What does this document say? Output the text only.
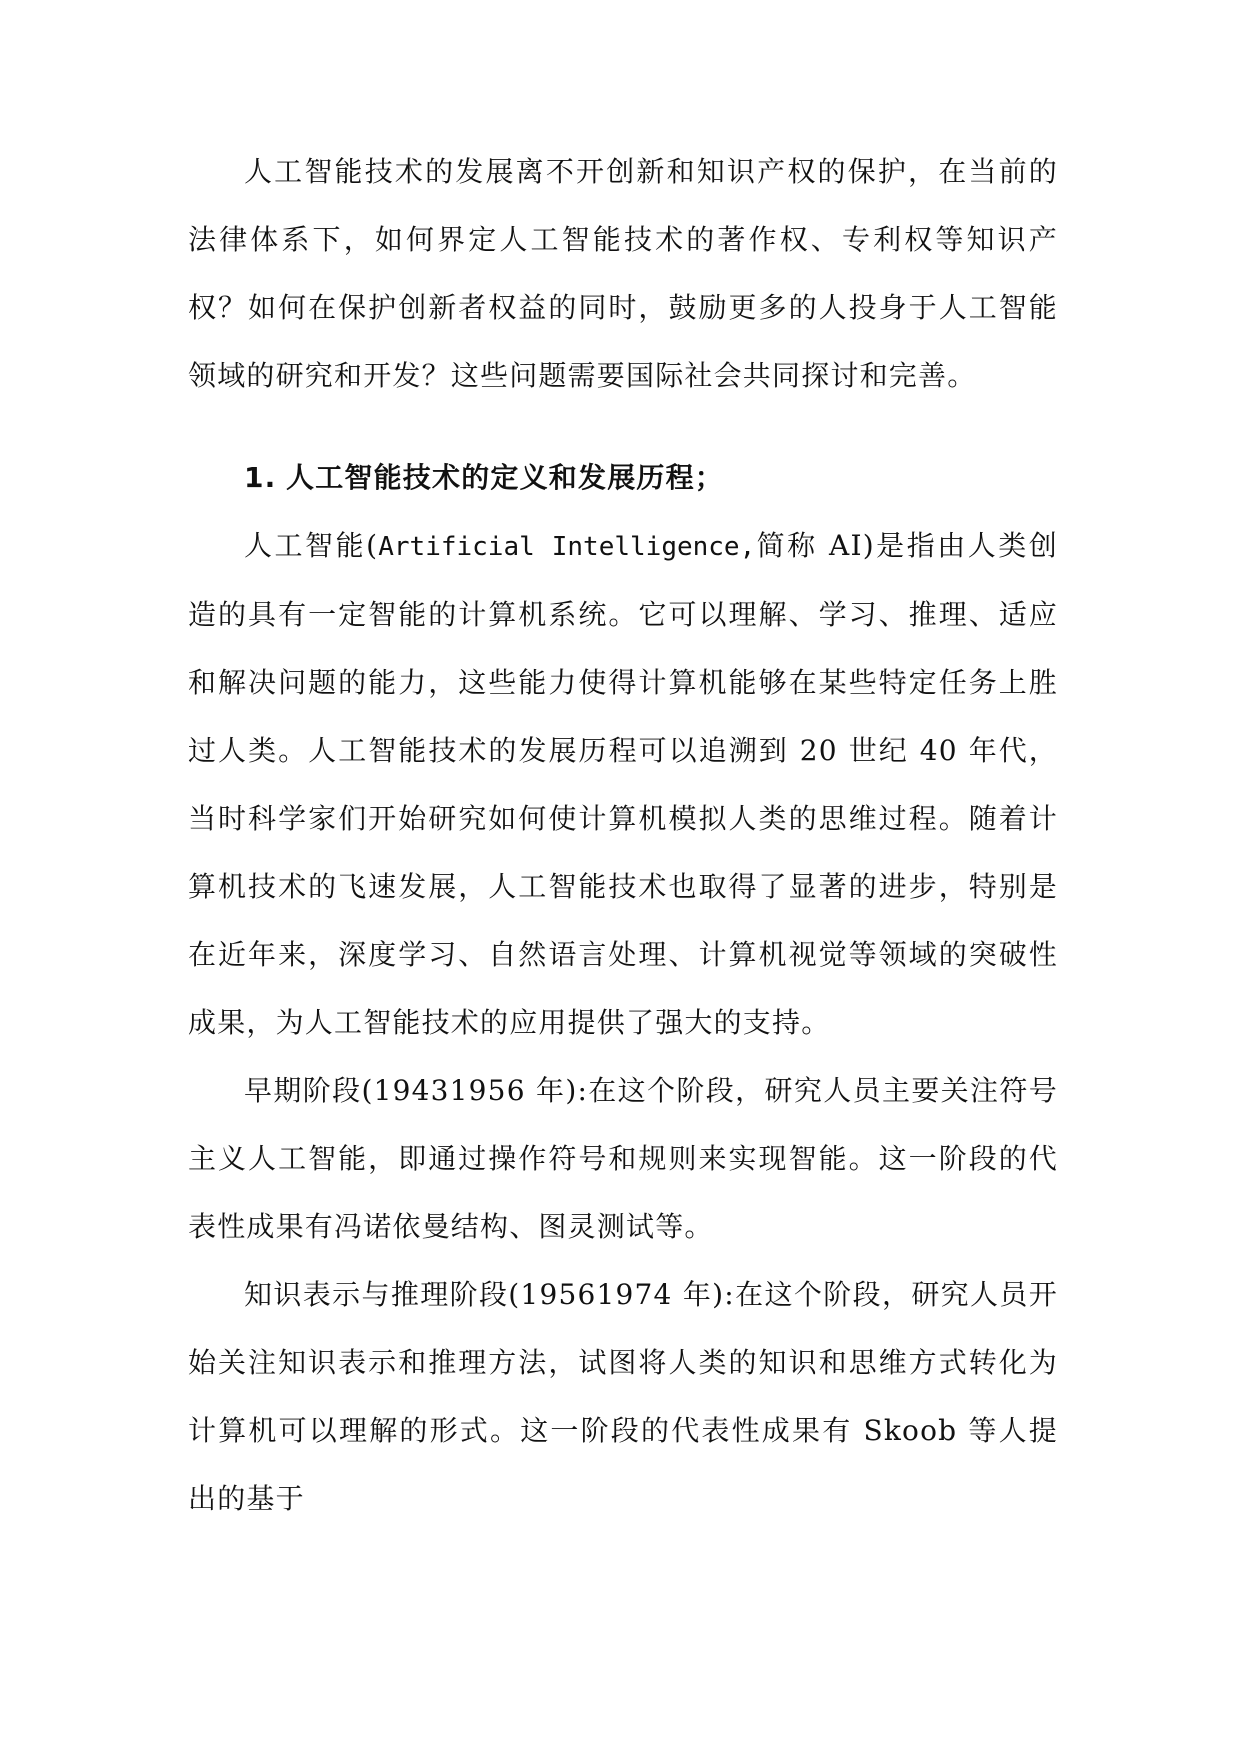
人工智能技术的发展离不开创新和知识产权的保护，在当前的法律体系下，如何界定人工智能技术的著作权、专利权等知识产权？如何在保护创新者权益的同时，鼓励更多的人投身于人工智能领域的研究和开发？这些问题需要国际社会共同探讨和完善。

1. 人工智能技术的定义和发展历程；

人工智能(Artificial Intelligence,简称 AI)是指由人类创造的具有一定智能的计算机系统。它可以理解、学习、推理、适应和解决问题的能力，这些能力使得计算机能够在某些特定任务上胜过人类。人工智能技术的发展历程可以追溯到 20 世纪 40 年代，当时科学家们开始研究如何使计算机模拟人类的思维过程。随着计算机技术的飞速发展，人工智能技术也取得了显著的进步，特别是在近年来，深度学习、自然语言处理、计算机视觉等领域的突破性成果，为人工智能技术的应用提供了强大的支持。

早期阶段(19431956 年):在这个阶段，研究人员主要关注符号主义人工智能，即通过操作符号和规则来实现智能。这一阶段的代表性成果有冯诺依曼结构、图灵测试等。

知识表示与推理阶段(19561974 年):在这个阶段，研究人员开始关注知识表示和推理方法，试图将人类的知识和思维方式转化为计算机可以理解的形式。这一阶段的代表性成果有 Skoob 等人提出的基于
